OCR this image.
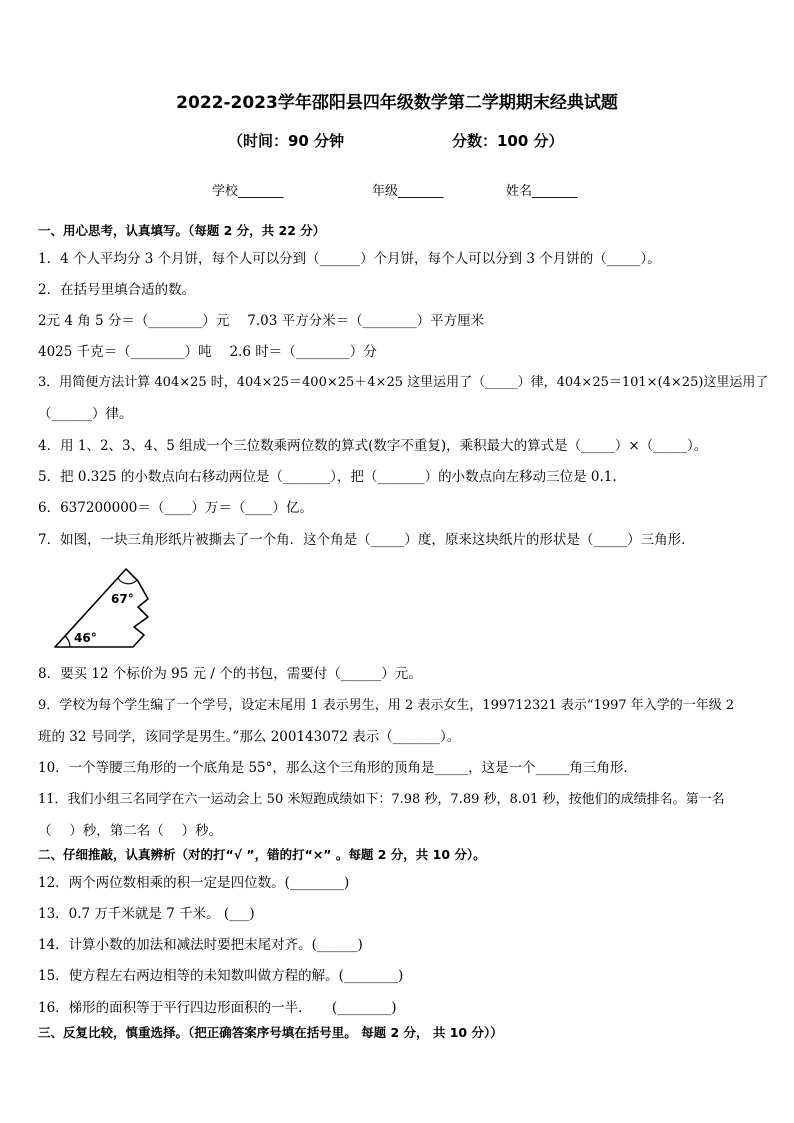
2022-2023学年邵阳县四年级数学第二学期期末经典试题
（时间：90 分钟	分数：100 分）
学校_______	年级_______	姓名_______
一、用心思考，认真填写。（每题 2 分，共 22 分）
1．4 个人平均分 3 个月饼，每个人可以分到（______）个月饼，每个人可以分到 3 个月饼的（_____）。
2．在括号里填合适的数。
2元 4 角 5 分＝（________）元　 7.03 平方分米＝（________）平方厘米
4025 千克＝（________）吨　 2.6 时＝（________）分
3．用简便方法计算 404×25 时，404×25＝400×25＋4×25 这里运用了（_____）律，404×25＝101×(4×25)这里运用了
（______）律。
4．用 1、2、3、4、5 组成一个三位数乘两位数的算式(数字不重复)，乘积最大的算式是（_____）×（_____）。
5．把 0.325 的小数点向右移动两位是（_______），把（_______）的小数点向左移动三位是 0.1.
6．637200000＝（____）万＝（____）亿。
7．如图，一块三角形纸片被撕去了一个角．这个角是（_____）度，原来这块纸片的形状是（_____）三角形．
67°
46°
8．要买 12 个标价为 95 元 / 个的书包，需要付（______）元。
9．学校为每个学生编了一个学号，设定末尾用 1 表示男生，用 2 表示女生，199712321 表示“1997 年入学的一年级 2
班的 32 号同学，该同学是男生。”那么 200143072 表示（_______）。
10．一个等腰三角形的一个底角是 55°，那么这个三角形的顶角是_____，这是一个_____角三角形．
11．我们小组三名同学在六一运动会上 50 米短跑成绩如下：7.98 秒，7.89 秒，8.01 秒，按他们的成绩排名。第一名
（　 ）秒，第二名（　 ）秒。
二、仔细推敲，认真辨析（对的打“√ ”，错的打“×” 。每题 2 分，共 10 分）。
12．两个两位数相乘的积一定是四位数。(________)
13．0.7 万千米就是 7 千米。 (___)
14．计算小数的加法和减法时要把末尾对齐。(______)
15．使方程左右两边相等的未知数叫做方程的解。(________)
16．梯形的面积等于平行四边形面积的一半．　　(________)
三、反复比较，慎重选择。（把正确答案序号填在括号里。 每题 2 分， 共 10 分））
